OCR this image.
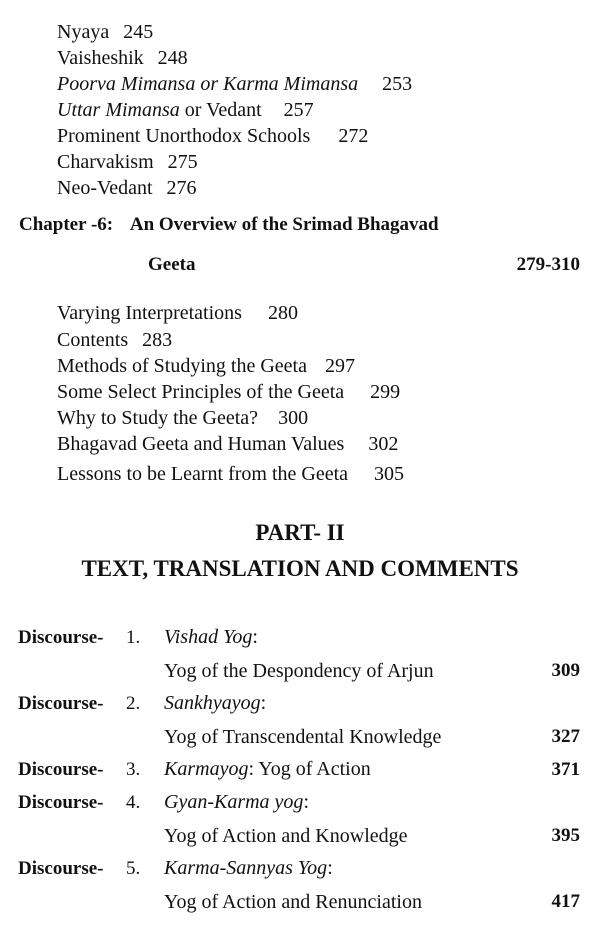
Nyaya 245
Vaisheshik 248
Poorva Mimansa or Karma Mimansa 253
Uttar Mimansa or Vedant 257
Prominent Unorthodox Schools 272
Charvakism 275
Neo-Vedant 276
Chapter -6: An Overview of the Srimad Bhagavad
Geeta	279-310
Varying Interpretations 280
Contents 283
Methods of Studying the Geeta 297
Some Select Principles of the Geeta 299
Why to Study the Geeta? 300
Bhagavad Geeta and Human Values 302
Lessons to be Learnt from the Geeta 305
PART- II
TEXT, TRANSLATION AND COMMENTS
Discourse- 1. Vishad Yog:
Yog of the Despondency of Arjun	309
Discourse- 2. Sankhyayog:
Yog of Transcendental Knowledge	327
Discourse- 3. Karmayog: Yog of Action	371
Discourse- 4. Gyan-Karma yog:
Yog of Action and Knowledge	395
Discourse- 5. Karma-Sannyas Yog:
Yog of Action and Renunciation	417
